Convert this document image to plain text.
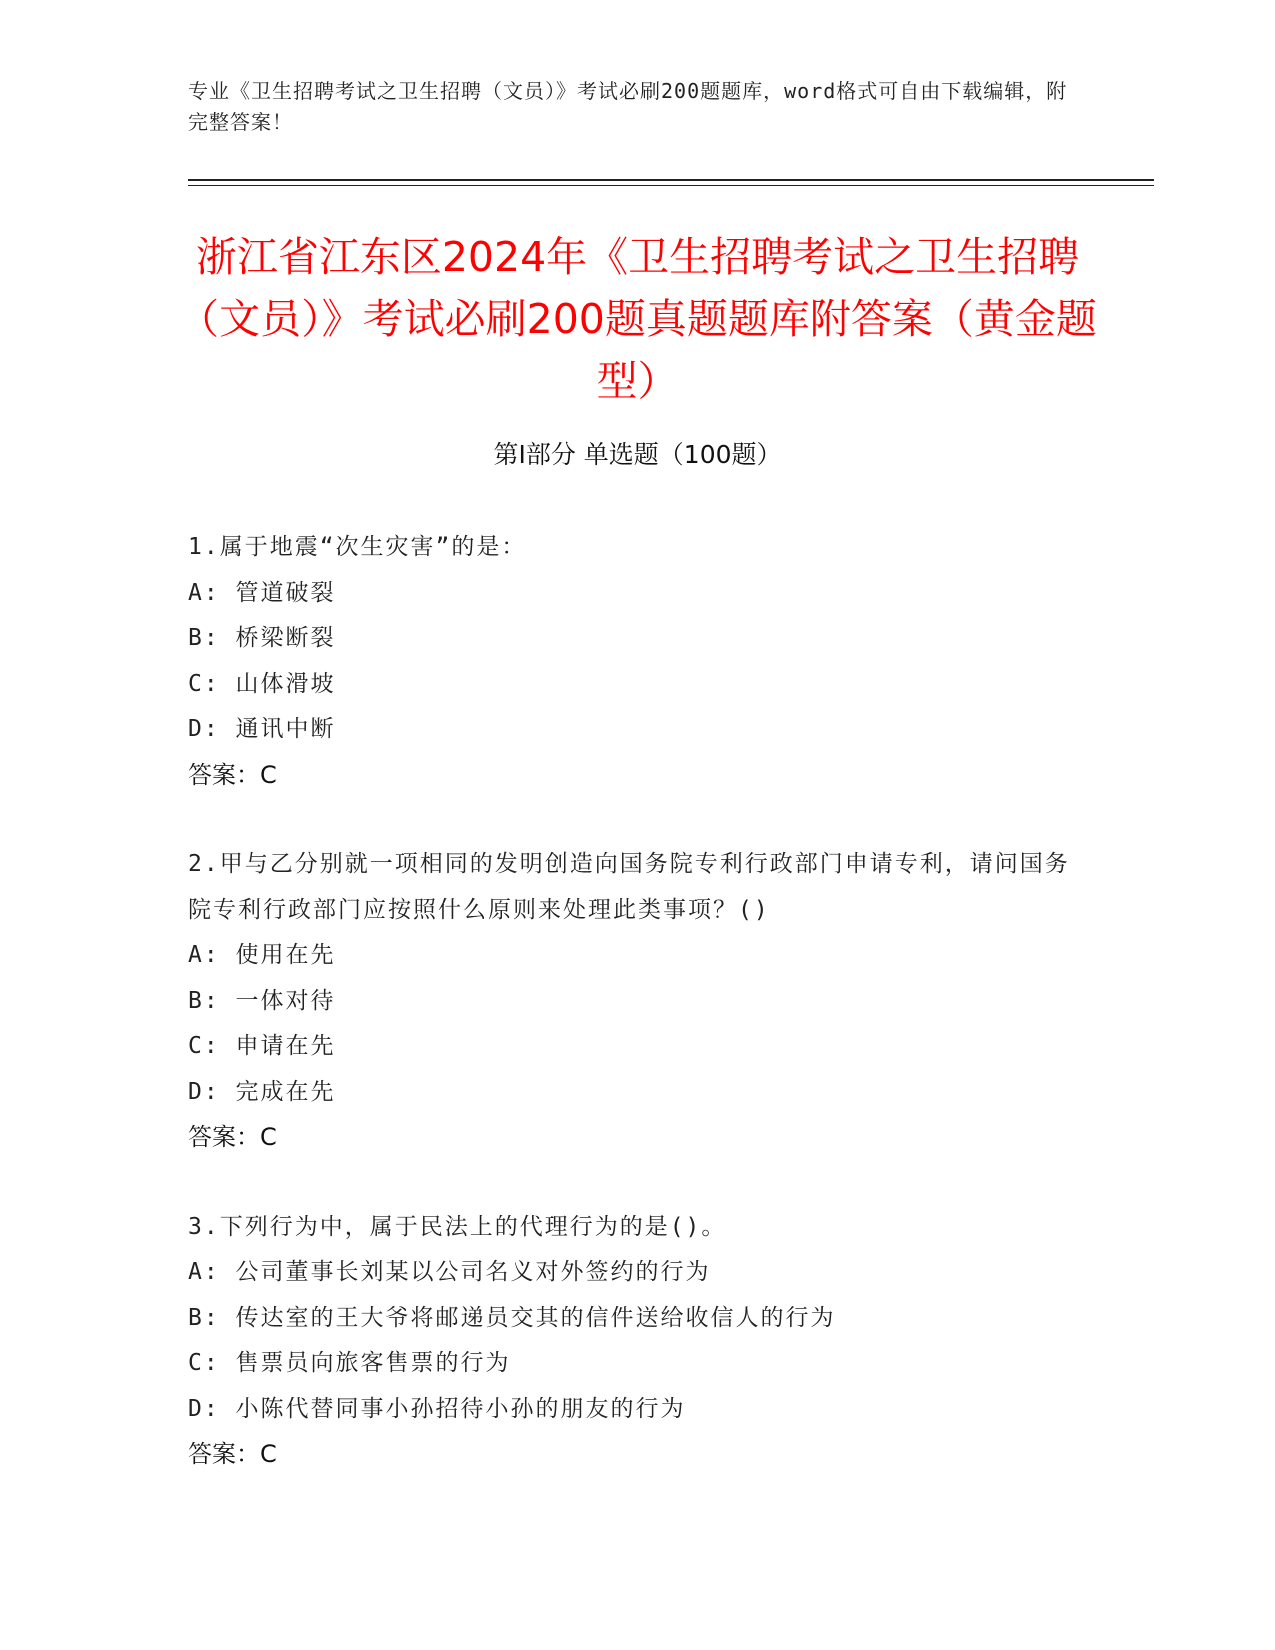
专业《卫生招聘考试之卫生招聘（文员）》考试必刷200题题库，word格式可自由下载编辑，附完整答案！
浙江省江东区2024年《卫生招聘考试之卫生招聘（文员）》考试必刷200题真题题库附答案（黄金题型）
第Ⅰ部分 单选题（100题）
1.属于地震“次生灾害”的是：
A: 管道破裂
B: 桥梁断裂
C: 山体滑坡
D: 通讯中断
答案：C
2.甲与乙分别就一项相同的发明创造向国务院专利行政部门申请专利，请问国务院专利行政部门应按照什么原则来处理此类事项？()
A: 使用在先
B: 一体对待
C: 申请在先
D: 完成在先
答案：C
3.下列行为中，属于民法上的代理行为的是()。
A: 公司董事长刘某以公司名义对外签约的行为
B: 传达室的王大爷将邮递员交其的信件送给收信人的行为
C: 售票员向旅客售票的行为
D: 小陈代替同事小孙招待小孙的朋友的行为
答案：C
